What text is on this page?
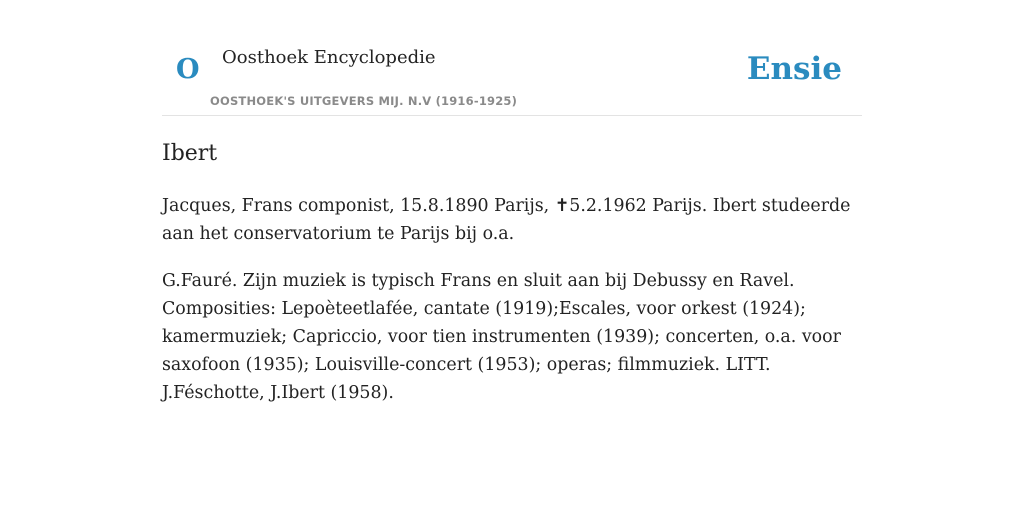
O Oosthoek Encyclopedie
OOSTHOEK'S UITGEVERS MIJ. N.V (1916-1925)
Ensie
Ibert

Jacques, Frans componist, 15.8.1890 Parijs, ✝5.2.1962 Parijs. Ibert studeerde aan het conservatorium te Parijs bij o.a.

G.Fauré. Zijn muziek is typisch Frans en sluit aan bij Debussy en Ravel. Composities: Lepoèteetlafée, cantate (1919);Escales, voor orkest (1924); kamermuziek; Capriccio, voor tien instrumenten (1939); concerten, o.a. voor saxofoon (1935); Louisville-concert (1953); operas; filmmuziek. LITT. J.Féschotte, J.Ibert (1958).
